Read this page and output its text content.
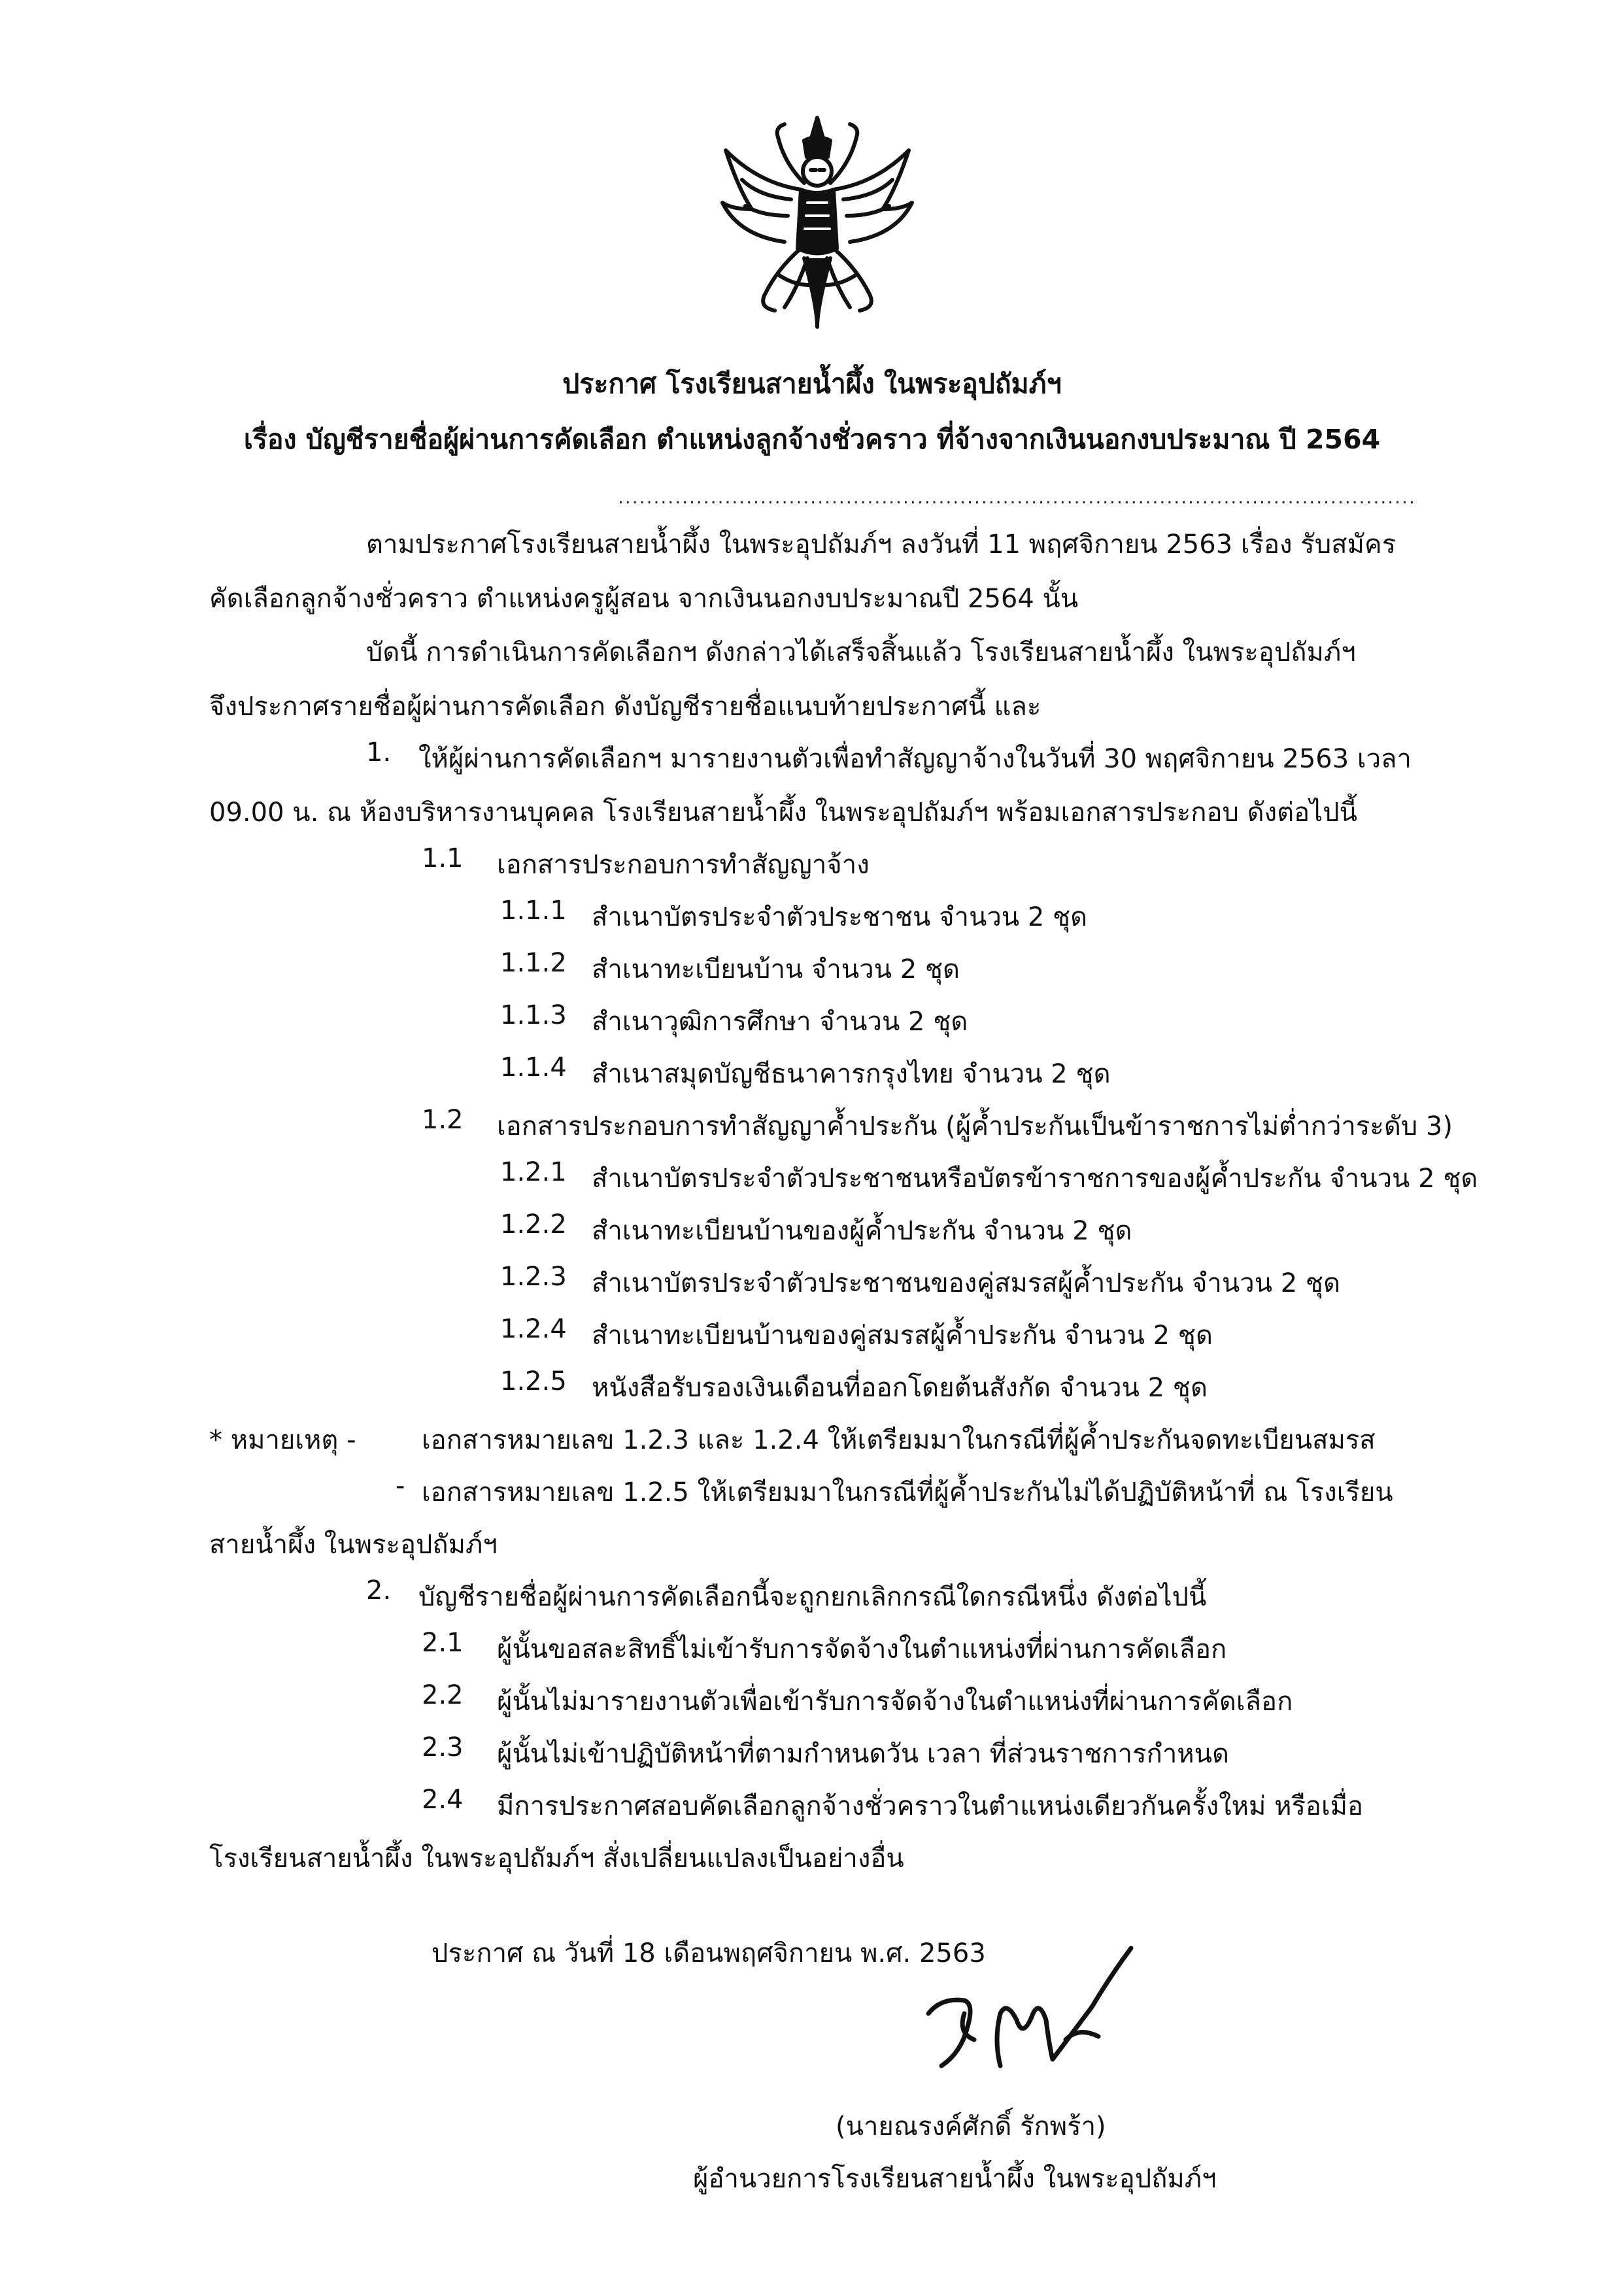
ประกาศ โรงเรียนสายน้ำผึ้ง ในพระอุปถัมภ์ฯ
เรื่อง บัญชีรายชื่อผู้ผ่านการคัดเลือก ตำแหน่งลูกจ้างชั่วคราว ที่จ้างจากเงินนอกงบประมาณ ปี 2564
................................................................................................................
ตามประกาศโรงเรียนสายน้ำผึ้ง ในพระอุปถัมภ์ฯ ลงวันที่ 11 พฤศจิกายน 2563 เรื่อง รับสมัคร
คัดเลือกลูกจ้างชั่วคราว ตำแหน่งครูผู้สอน จากเงินนอกงบประมาณปี 2564 นั้น
บัดนี้ การดำเนินการคัดเลือกฯ ดังกล่าวได้เสร็จสิ้นแล้ว โรงเรียนสายน้ำผึ้ง ในพระอุปถัมภ์ฯ
จึงประกาศรายชื่อผู้ผ่านการคัดเลือก ดังบัญชีรายชื่อแนบท้ายประกาศนี้ และ
1. ให้ผู้ผ่านการคัดเลือกฯ มารายงานตัวเพื่อทำสัญญาจ้างในวันที่ 30 พฤศจิกายน 2563 เวลา
09.00 น. ณ ห้องบริหารงานบุคคล โรงเรียนสายน้ำผึ้ง ในพระอุปถัมภ์ฯ พร้อมเอกสารประกอบ ดังต่อไปนี้
1.1 เอกสารประกอบการทำสัญญาจ้าง
1.1.1 สำเนาบัตรประจำตัวประชาชน จำนวน 2 ชุด
1.1.2 สำเนาทะเบียนบ้าน จำนวน 2 ชุด
1.1.3 สำเนาวุฒิการศึกษา จำนวน 2 ชุด
1.1.4 สำเนาสมุดบัญชีธนาคารกรุงไทย จำนวน 2 ชุด
1.2 เอกสารประกอบการทำสัญญาค้ำประกัน (ผู้ค้ำประกันเป็นข้าราชการไม่ต่ำกว่าระดับ 3)
1.2.1 สำเนาบัตรประจำตัวประชาชนหรือบัตรข้าราชการของผู้ค้ำประกัน จำนวน 2 ชุด
1.2.2 สำเนาทะเบียนบ้านของผู้ค้ำประกัน จำนวน 2 ชุด
1.2.3 สำเนาบัตรประจำตัวประชาชนของคู่สมรสผู้ค้ำประกัน จำนวน 2 ชุด
1.2.4 สำเนาทะเบียนบ้านของคู่สมรสผู้ค้ำประกัน จำนวน 2 ชุด
1.2.5 หนังสือรับรองเงินเดือนที่ออกโดยต้นสังกัด จำนวน 2 ชุด
* หมายเหตุ -	เอกสารหมายเลข 1.2.3 และ 1.2.4 ให้เตรียมมาในกรณีที่ผู้ค้ำประกันจดทะเบียนสมรส
- เอกสารหมายเลข 1.2.5 ให้เตรียมมาในกรณีที่ผู้ค้ำประกันไม่ได้ปฏิบัติหน้าที่ ณ โรงเรียน
สายน้ำผึ้ง ในพระอุปถัมภ์ฯ
2. บัญชีรายชื่อผู้ผ่านการคัดเลือกนี้จะถูกยกเลิกกรณีใดกรณีหนึ่ง ดังต่อไปนี้
2.1 ผู้นั้นขอสละสิทธิ์ไม่เข้ารับการจัดจ้างในตำแหน่งที่ผ่านการคัดเลือก
2.2 ผู้นั้นไม่มารายงานตัวเพื่อเข้ารับการจัดจ้างในตำแหน่งที่ผ่านการคัดเลือก
2.3 ผู้นั้นไม่เข้าปฏิบัติหน้าที่ตามกำหนดวัน เวลา ที่ส่วนราชการกำหนด
2.4 มีการประกาศสอบคัดเลือกลูกจ้างชั่วคราวในตำแหน่งเดียวกันครั้งใหม่ หรือเมื่อ
โรงเรียนสายน้ำผึ้ง ในพระอุปถัมภ์ฯ สั่งเปลี่ยนแปลงเป็นอย่างอื่น
ประกาศ ณ วันที่ 18 เดือนพฤศจิกายน พ.ศ. 2563
(นายณรงค์ศักดิ์ รักพร้า)
ผู้อำนวยการโรงเรียนสายน้ำผึ้ง ในพระอุปถัมภ์ฯ
